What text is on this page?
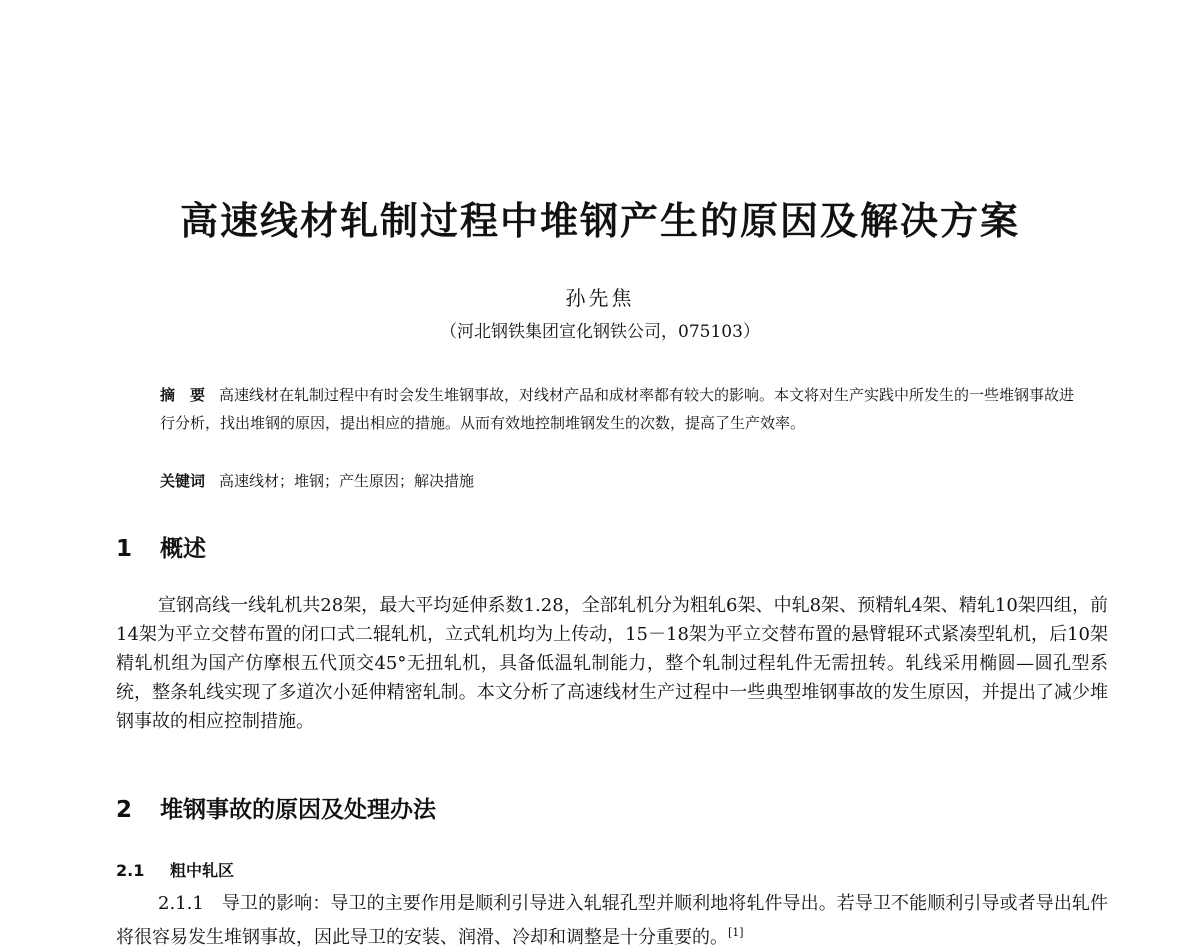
高速线材轧制过程中堆钢产生的原因及解决方案
孙先焦
（河北钢铁集团宣化钢铁公司，075103）
摘　要 高速线材在轧制过程中有时会发生堆钢事故，对线材产品和成材率都有较大的影响。本文将对生产实践中所发生的一些堆钢事故进行分析，找出堆钢的原因，提出相应的措施。从而有效地控制堆钢发生的次数，提高了生产效率。
关键词 高速线材；堆钢；产生原因；解决措施
1 概述

宣钢高线一线轧机共28架，最大平均延伸系数1.28，全部轧机分为粗轧6架、中轧8架、预精轧4架、精轧10架四组，前14架为平立交替布置的闭口式二辊轧机，立式轧机均为上传动，15－18架为平立交替布置的悬臂辊环式紧凑型轧机，后10架精轧机组为国产仿摩根五代顶交45°无扭轧机，具备低温轧制能力，整个轧制过程轧件无需扭转。轧线采用椭圆—圆孔型系统，整条轧线实现了多道次小延伸精密轧制。本文分析了高速线材生产过程中一些典型堆钢事故的发生原因，并提出了减少堆钢事故的相应控制措施。

2 堆钢事故的原因及处理办法
2.1 粗中轧区

2.1.1 导卫的影响：导卫的主要作用是顺利引导进入轧辊孔型并顺利地将轧件导出。若导卫不能顺利引导或者导出轧件将很容易发生堆钢事故，因此导卫的安装、润滑、冷却和调整是十分重要的。[1]
